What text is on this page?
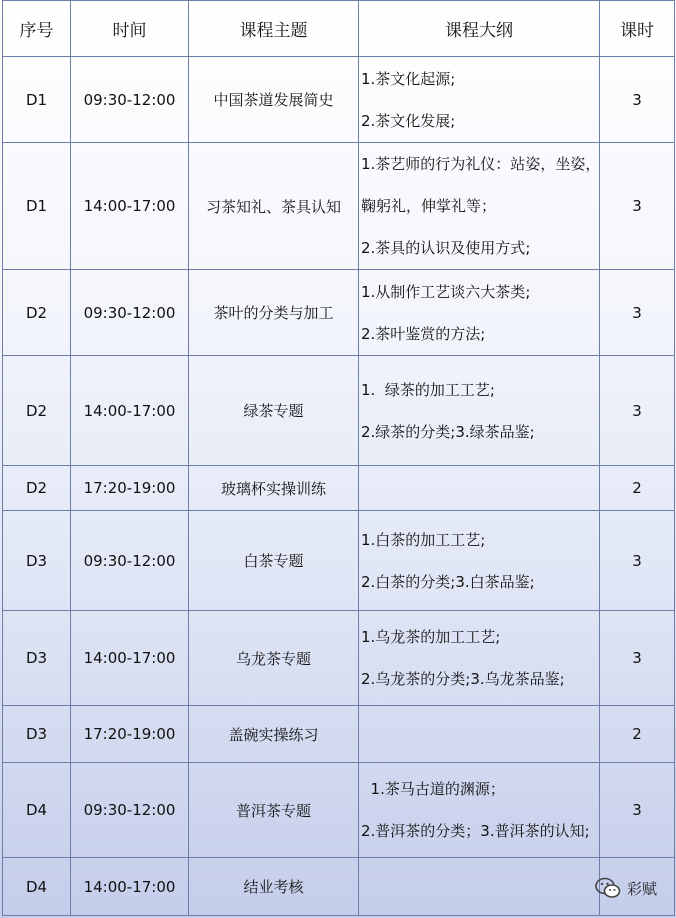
序号	时间	课程主题	课程大纲	课时
D1	09:30-12:00	中国茶道发展简史	1.茶文化起源;
2.茶文化发展;	3
D1	14:00-17:00	习茶知礼、茶具认知	1.茶艺师的行为礼仪：站姿，坐姿，
鞠躬礼，伸掌礼等；
2.茶具的认识及使用方式;	3
D2	09:30-12:00	茶叶的分类与加工	1.从制作工艺谈六大茶类;
2.茶叶鉴赏的方法;	3
D2	14:00-17:00	绿茶专题	1.  绿茶的加工工艺;
2.绿茶的分类;3.绿茶品鉴;	3
D2	17:20-19:00	玻璃杯实操训练		2
D3	09:30-12:00	白茶专题	1.白茶的加工工艺;
2.白茶的分类;3.白茶品鉴;	3
D3	14:00-17:00	乌龙茶专题	1.乌龙茶的加工工艺;
2.乌龙茶的分类;3.乌龙茶品鉴;	3
D3	17:20-19:00	盖碗实操练习		2
D4	09:30-12:00	普洱茶专题	1.茶马古道的渊源；
2.普洱茶的分类；3.普洱茶的认知;	3
D4	14:00-17:00	结业考核			彩赋
